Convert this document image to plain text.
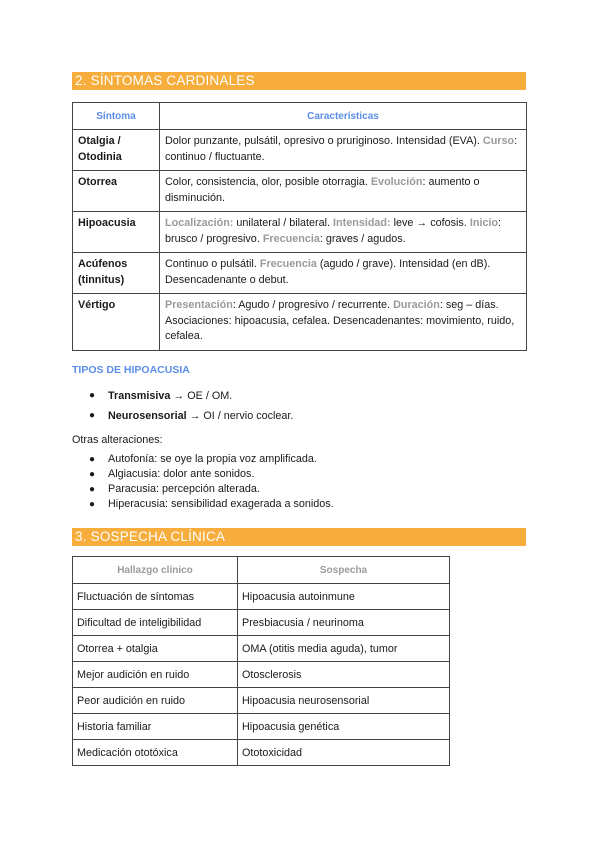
2. SÍNTOMAS CARDINALES
Síntoma	Características
Otalgia / Otodinia	Dolor punzante, pulsátil, opresivo o pruriginoso. Intensidad (EVA). Curso: continuo / fluctuante.
Otorrea	Color, consistencia, olor, posible otorragia. Evolución: aumento o disminución.
Hipoacusia	Localización: unilateral / bilateral. Intensidad: leve → cofosis. Inicio: brusco / progresivo. Frecuencia: graves / agudos.
Acúfenos (tinnitus)	Continuo o pulsátil. Frecuencia (agudo / grave). Intensidad (en dB). Desencadenante o debut.
Vértigo	Presentación: Agudo / progresivo / recurrente. Duración: seg – días. Asociaciones: hipoacusia, cefalea. Desencadenantes: movimiento, ruido, cefalea.
TIPOS DE HIPOACUSIA
● Transmisiva → OE / OM.
● Neurosensorial → OI / nervio coclear.
Otras alteraciones:
● Autofonía: se oye la propia voz amplificada.
● Algiacusia: dolor ante sonidos.
● Paracusia: percepción alterada.
● Hiperacusia: sensibilidad exagerada a sonidos.
3. SOSPECHA CLÍNICA
Hallazgo clínico	Sospecha
Fluctuación de síntomas	Hipoacusia autoinmune
Dificultad de inteligibilidad	Presbiacusia / neurinoma
Otorrea + otalgia	OMA (otitis media aguda), tumor
Mejor audición en ruido	Otosclerosis
Peor audición en ruido	Hipoacusia neurosensorial
Historia familiar	Hipoacusia genética
Medicación ototóxica	Ototoxicidad
